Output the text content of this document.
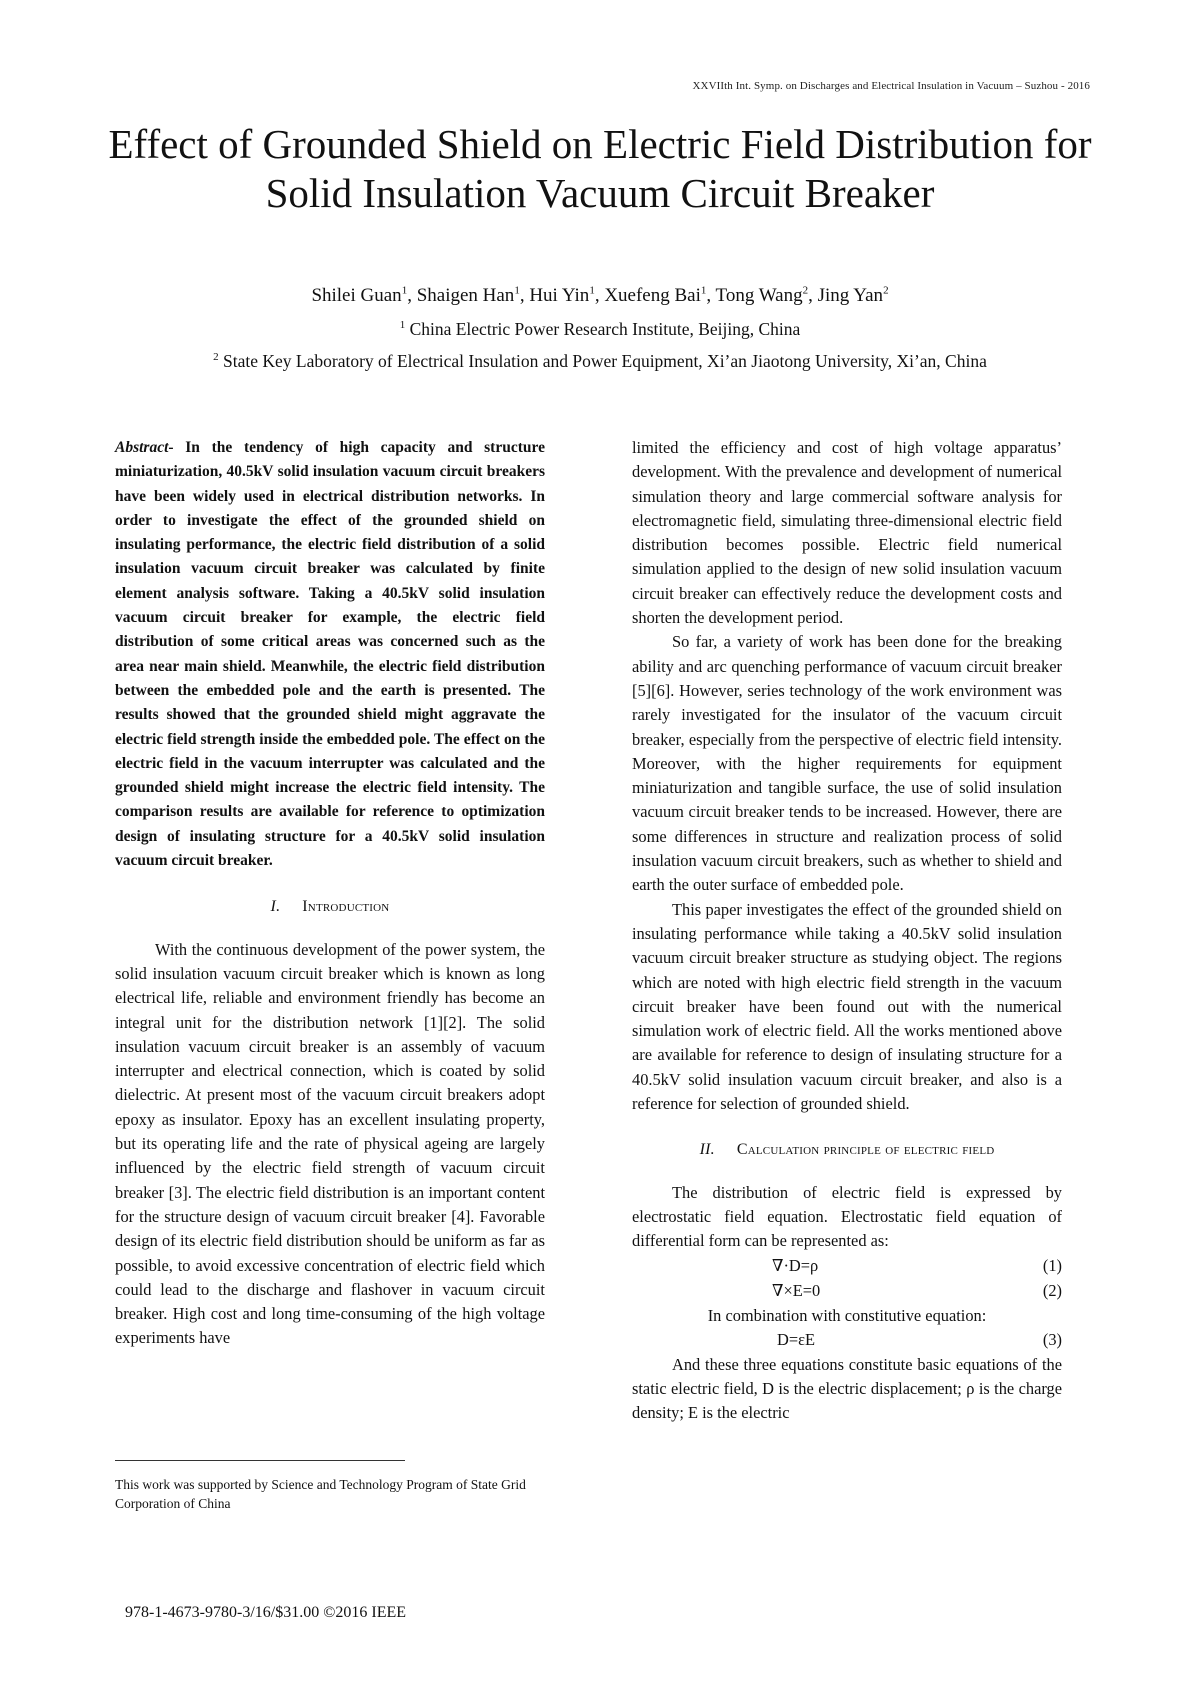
XXVIIth Int. Symp. on Discharges and Electrical Insulation in Vacuum – Suzhou - 2016
Effect of Grounded Shield on Electric Field Distribution for Solid Insulation Vacuum Circuit Breaker
Shilei Guan$^1$, Shaigen Han$^1$, Hui Yin$^1$, Xuefeng Bai$^1$, Tong Wang$^2$, Jing Yan$^2$
$^1$ China Electric Power Research Institute, Beijing, China
$^2$ State Key Laboratory of Electrical Insulation and Power Equipment, Xi’an Jiaotong University, Xi’an, China

Abstract- In the tendency of high capacity and structure miniaturization, 40.5kV solid insulation vacuum circuit breakers have been widely used in electrical distribution networks. In order to investigate the effect of the grounded shield on insulating performance, the electric field distribution of a solid insulation vacuum circuit breaker was calculated by finite element analysis software. Taking a 40.5kV solid insulation vacuum circuit breaker for example, the electric field distribution of some critical areas was concerned such as the area near main shield. Meanwhile, the electric field distribution between the embedded pole and the earth is presented. The results showed that the grounded shield might aggravate the electric field strength inside the embedded pole. The effect on the electric field in the vacuum interrupter was calculated and the grounded shield might increase the electric field intensity. The comparison results are available for reference to optimization design of insulating structure for a 40.5kV solid insulation vacuum circuit breaker.

I. Introduction

With the continuous development of the power system, the solid insulation vacuum circuit breaker which is known as long electrical life, reliable and environment friendly has become an integral unit for the distribution network [1][2]. The solid insulation vacuum circuit breaker is an assembly of vacuum interrupter and electrical connection, which is coated by solid dielectric. At present most of the vacuum circuit breakers adopt epoxy as insulator. Epoxy has an excellent insulating property, but its operating life and the rate of physical ageing are largely influenced by the electric field strength of vacuum circuit breaker [3]. The electric field distribution is an important content for the structure design of vacuum circuit breaker [4]. Favorable design of its electric field distribution should be uniform as far as possible, to avoid excessive concentration of electric field which could lead to the discharge and flashover in vacuum circuit breaker. High cost and long time-consuming of the high voltage experiments have

limited the efficiency and cost of high voltage apparatus’ development. With the prevalence and development of numerical simulation theory and large commercial software analysis for electromagnetic field, simulating three-dimensional electric field distribution becomes possible. Electric field numerical simulation applied to the design of new solid insulation vacuum circuit breaker can effectively reduce the development costs and shorten the development period.

So far, a variety of work has been done for the breaking ability and arc quenching performance of vacuum circuit breaker [5][6]. However, series technology of the work environment was rarely investigated for the insulator of the vacuum circuit breaker, especially from the perspective of electric field intensity. Moreover, with the higher requirements for equipment miniaturization and tangible surface, the use of solid insulation vacuum circuit breaker tends to be increased. However, there are some differences in structure and realization process of solid insulation vacuum circuit breakers, such as whether to shield and earth the outer surface of embedded pole.

This paper investigates the effect of the grounded shield on insulating performance while taking a 40.5kV solid insulation vacuum circuit breaker structure as studying object. The regions which are noted with high electric field strength in the vacuum circuit breaker have been found out with the numerical simulation work of electric field. All the works mentioned above are available for reference to design of insulating structure for a 40.5kV solid insulation vacuum circuit breaker, and also is a reference for selection of grounded shield.

II. Calculation principle of electric field

The distribution of electric field is expressed by electrostatic field equation. Electrostatic field equation of differential form can be represented as:

∇·D=ρ	(1)
∇×E=0	(2)
In combination with constitutive equation:
D=εE	(3)

And these three equations constitute basic equations of the static electric field, D is the electric displacement; ρ is the charge density; E is the electric

This work was supported by Science and Technology Program of State Grid Corporation of China
978-1-4673-9780-3/16/$31.00 ©2016 IEEE
